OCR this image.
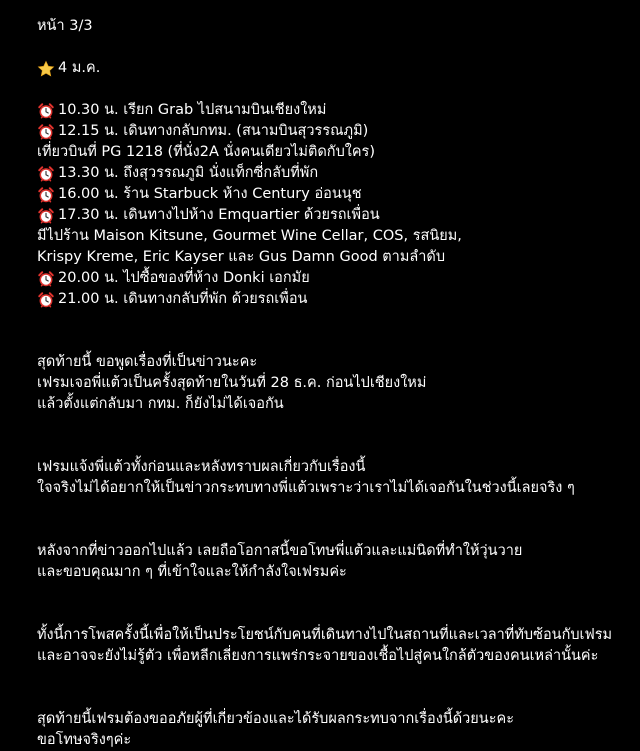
หน้า 3/3
4 ม.ค.
10.30 น. เรียก Grab ไปสนามบินเชียงใหม่
12.15 น. เดินทางกลับกทม. (สนามบินสุวรรณภูมิ)
เที่ยวบินที่ PG 1218 (ที่นั่ง2A นั่งคนเดียวไม่ติดกับใคร)
13.30 น. ถึงสุวรรณภูมิ นั่งแท็กซี่กลับที่พัก
16.00 น. ร้าน Starbuck ห้าง Century อ่อนนุช
17.30 น. เดินทางไปห้าง Emquartier ด้วยรถเพื่อน
มีไปร้าน Maison Kitsune, Gourmet Wine Cellar, COS, รสนิยม,
Krispy Kreme, Eric Kayser และ Gus Damn Good ตามลำดับ
20.00 น. ไปซื้อของที่ห้าง Donki เอกมัย
21.00 น. เดินทางกลับที่พัก ด้วยรถเพื่อน
สุดท้ายนี้ ขอพูดเรื่องที่เป็นข่าวนะคะ
เฟรมเจอพี่แต้วเป็นครั้งสุดท้ายในวันที่ 28 ธ.ค. ก่อนไปเชียงใหม่
แล้วตั้งแต่กลับมา กทม. ก็ยังไม่ได้เจอกัน
เฟรมแจ้งพี่แต้วทั้งก่อนและหลังทราบผลเกี่ยวกับเรื่องนี้
ใจจริงไม่ได้อยากให้เป็นข่าวกระทบทางพี่แต้วเพราะว่าเราไม่ได้เจอกันในช่วงนี้เลยจริง ๆ
หลังจากที่ข่าวออกไปแล้ว เลยถือโอกาสนี้ขอโทษพี่แต้วและแม่นิดที่ทำให้วุ่นวาย
และขอบคุณมาก ๆ ที่เข้าใจและให้กำลังใจเฟรมค่ะ
ทั้งนี้การโพสครั้งนี้เพื่อให้เป็นประโยชน์กับคนที่เดินทางไปในสถานที่และเวลาที่ทับซ้อนกับเฟรม
และอาจจะยังไม่รู้ตัว เพื่อหลีกเลี่ยงการแพร่กระจายของเชื้อไปสู่คนใกล้ตัวของคนเหล่านั้นค่ะ
สุดท้ายนี้เฟรมต้องขออภัยผู้ที่เกี่ยวข้องและได้รับผลกระทบจากเรื่องนี้ด้วยนะคะ
ขอโทษจริงๆค่ะ
